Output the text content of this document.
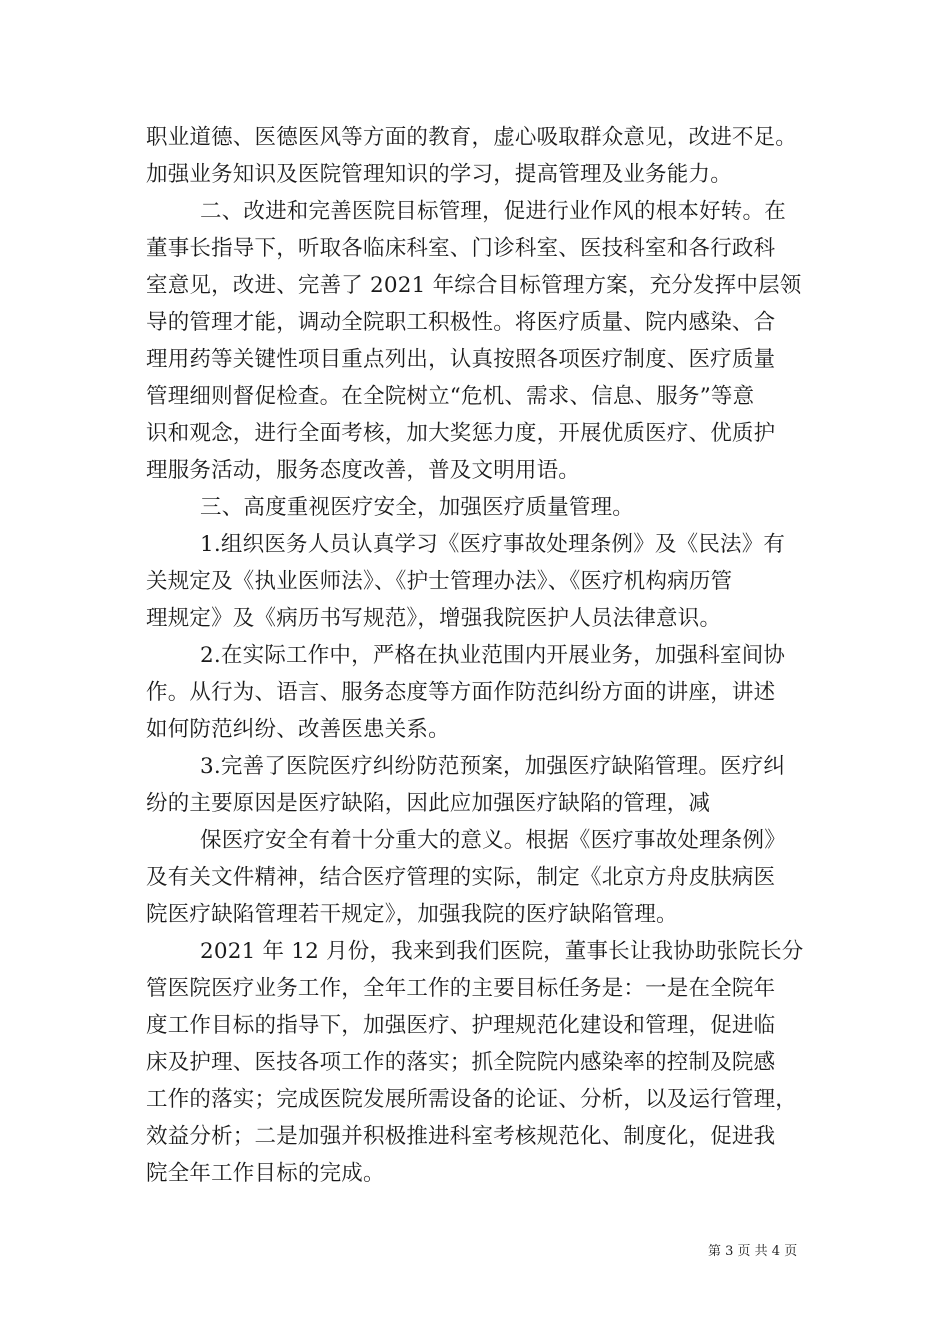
职业道德、医德医风等方面的教育，虚心吸取群众意见，改进不足。
加强业务知识及医院管理知识的学习，提高管理及业务能力。
二、改进和完善医院目标管理，促进行业作风的根本好转。在
董事长指导下，听取各临床科室、门诊科室、医技科室和各行政科
室意见，改进、完善了 2021 年综合目标管理方案，充分发挥中层领
导的管理才能，调动全院职工积极性。将医疗质量、院内感染、合
理用药等关键性项目重点列出，认真按照各项医疗制度、医疗质量
管理细则督促检查。在全院树立“危机、需求、信息、服务”等意
识和观念，进行全面考核，加大奖惩力度，开展优质医疗、优质护
理服务活动，服务态度改善，普及文明用语。
三、高度重视医疗安全，加强医疗质量管理。
1.组织医务人员认真学习《医疗事故处理条例》及《民法》有
关规定及《执业医师法》、《护士管理办法》、《医疗机构病历管
理规定》及《病历书写规范》，增强我院医护人员法律意识。
2.在实际工作中，严格在执业范围内开展业务，加强科室间协
作。从行为、语言、服务态度等方面作防范纠纷方面的讲座，讲述
如何防范纠纷、改善医患关系。
3.完善了医院医疗纠纷防范预案，加强医疗缺陷管理。医疗纠
纷的主要原因是医疗缺陷，因此应加强医疗缺陷的管理，减
保医疗安全有着十分重大的意义。根据《医疗事故处理条例》
及有关文件精神，结合医疗管理的实际，制定《北京方舟皮肤病医
院医疗缺陷管理若干规定》，加强我院的医疗缺陷管理。
2021 年 12 月份，我来到我们医院，董事长让我协助张院长分
管医院医疗业务工作，全年工作的主要目标任务是：一是在全院年
度工作目标的指导下，加强医疗、护理规范化建设和管理，促进临
床及护理、医技各项工作的落实；抓全院院内感染率的控制及院感
工作的落实；完成医院发展所需设备的论证、分析，以及运行管理，
效益分析；二是加强并积极推进科室考核规范化、制度化，促进我
院全年工作目标的完成。
第 3 页 共 4 页
